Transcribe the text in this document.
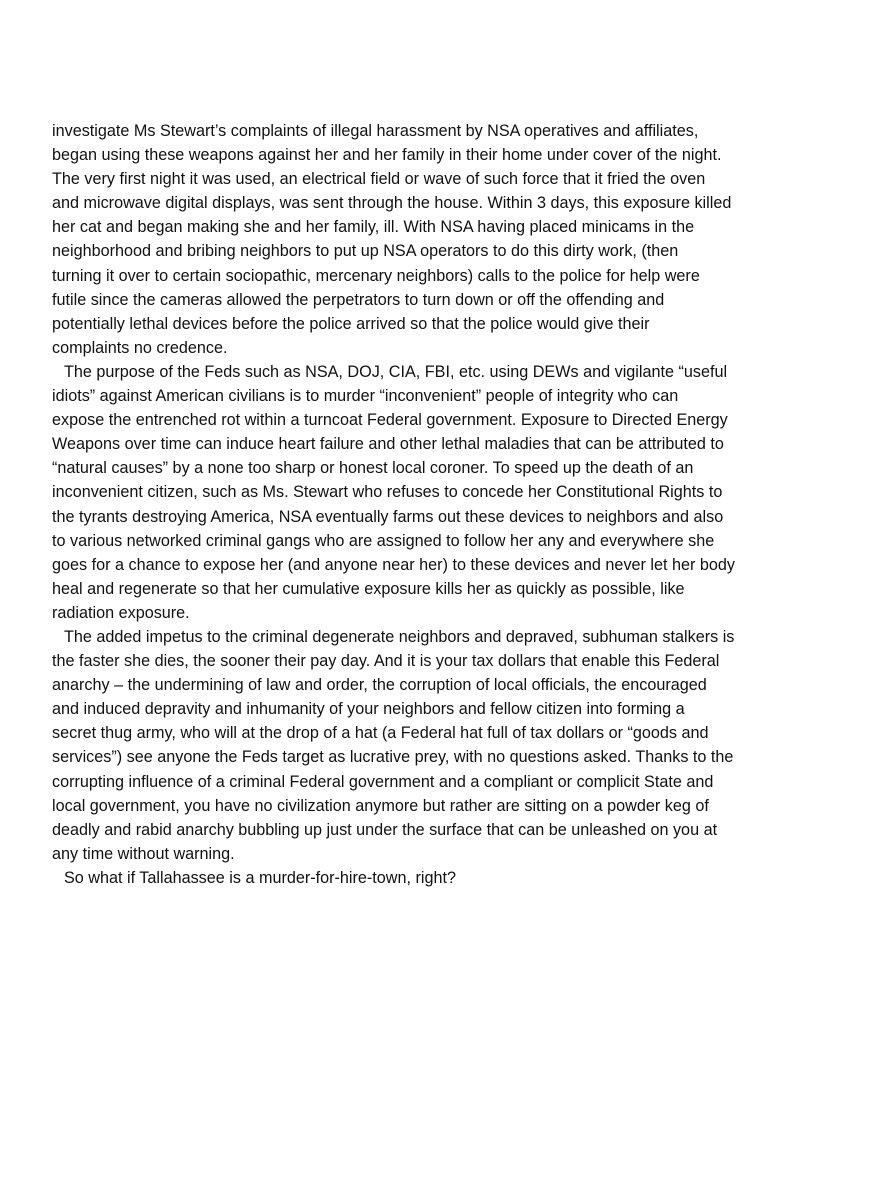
investigate Ms Stewart’s complaints of illegal harassment by NSA operatives and affiliates,
began using these weapons against her and her family in their home under cover of the night.
The very first night it was used, an electrical field or wave of such force that it fried the oven
and microwave digital displays, was sent through the house. Within 3 days, this exposure killed
her cat and began making she and her family, ill. With NSA having placed minicams in the
neighborhood and bribing neighbors to put up NSA operators to do this dirty work, (then
turning it over to certain sociopathic, mercenary neighbors) calls to the police for help were
futile since the cameras allowed the perpetrators to turn down or off the offending and
potentially lethal devices before the police arrived so that the police would give their
complaints no credence.
The purpose of the Feds such as NSA, DOJ, CIA, FBI, etc. using DEWs and vigilante “useful
idiots” against American civilians is to murder “inconvenient” people of integrity who can
expose the entrenched rot within a turncoat Federal government. Exposure to Directed Energy
Weapons over time can induce heart failure and other lethal maladies that can be attributed to
“natural causes” by a none too sharp or honest local coroner. To speed up the death of an
inconvenient citizen, such as Ms. Stewart who refuses to concede her Constitutional Rights to
the tyrants destroying America, NSA eventually farms out these devices to neighbors and also
to various networked criminal gangs who are assigned to follow her any and everywhere she
goes for a chance to expose her (and anyone near her) to these devices and never let her body
heal and regenerate so that her cumulative exposure kills her as quickly as possible, like
radiation exposure.
The added impetus to the criminal degenerate neighbors and depraved, subhuman stalkers is
the faster she dies, the sooner their pay day. And it is your tax dollars that enable this Federal
anarchy – the undermining of law and order, the corruption of local officials, the encouraged
and induced depravity and inhumanity of your neighbors and fellow citizen into forming a
secret thug army, who will at the drop of a hat (a Federal hat full of tax dollars or “goods and
services”) see anyone the Feds target as lucrative prey, with no questions asked. Thanks to the
corrupting influence of a criminal Federal government and a compliant or complicit State and
local government, you have no civilization anymore but rather are sitting on a powder keg of
deadly and rabid anarchy bubbling up just under the surface that can be unleashed on you at
any time without warning.
So what if Tallahassee is a murder-for-hire-town, right?
